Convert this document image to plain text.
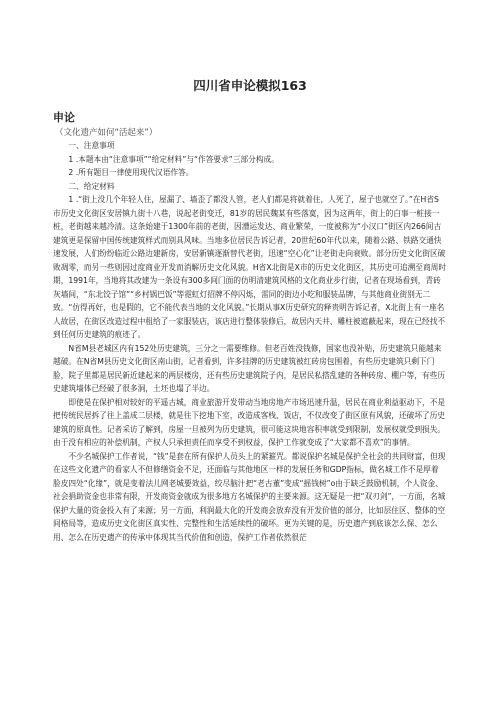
四川省申论模拟163
申论
（文化遗产如何“活起来”）

一、注意事项

1 .本题本由“注意事项”“给定材料”与“作答要求”三部分构成。

2 .所有题目一律使用现代汉语作答。

二、给定材料

1 .“街上没几个年轻人住，屋漏了、墙歪了都没人管，老人们都是将就着住，人死了，屋子也就空了。”在H省S市历史文化街区安居镇九街十八巷，说起老街变迁，81岁的居民魏某有些落寞，因为这两年，街上的白事一桩接一桩，老街越来越冷清。这条始建于1300年前的老街，因漕运发达、商业繁荣，一度被称为“小汉口”街区内266间古建筑更是保留中国传统建筑样式而别具风味。当地多位居民告诉记者，20世纪60年代以来，随着公路、铁路交通快速发展，人们纷纷临近公路边建新房，安居新镇逐渐替代老街，迅速“空心化”让老街走向衰败。部分历史文化街区破败凋零，而另一些则因过度商业开发而消解历史文化风貌。H省X北街是X市的历史文化街区，其历史可追溯至商周时期，1991年，当地将其改建为一条设有300多间门面的仿明清建筑风格的文化商业步行街，记者在现场看到，青砖灰墙间，“东北饺子馆”“乡村锅巴饭”等霓虹灯招牌不停闪烁，雷同的街边小吃和服装品牌，与其他商业街别无二致。“仿得再好，也是假的，它不能代表当地的文化风貌。”长期从事X历史研究的释贵明告诉记者，X北街上有一座名人故居，在街区改造过程中租给了一家服装店，该店进行整体装修后，故居内天井、雕柱被遮蔽起来，现在已经找不到任何历史建筑的痕迹了。

N省M县老城区内有152处历史建筑，三分之一需要维修。但老百姓没钱修，国家也没补贴，历史建筑只能越来越破。在N省M县历史文化街区南山街，记者看到，许多挂牌的历史建筑被红砖房包围着，有些历史建筑只剩下门脸，院子里都是居民新近建起来的两层楼房，还有些历史建筑院子内，是居民私搭乱建的各种砖房、棚户等，有些历史建筑墙体已经破了很多洞，土坯也塌了半边。

即使是在保护相对较好的平遥古城，商业旅游开发带动当地房地产市场迅速升温，居民在商业利益驱动下，不是把传统民居拆了往上盖成二层楼，就是往下挖地下室，改造成客栈、饭店，不仅改变了街区原有风貌，还破坏了历史建筑的原真性。记者采访了解到，房屋一旦被列为历史建筑，很可能这块地容积率就受到限制，发展权就受到损失。由于没有相应的补偿机制，产权人只承担责任而享受不到权益，保护工作就变成了“大家都不喜欢”的事情。

不少名城保护工作者说，“钱”是套在所有保护人员头上的紧箍咒。都说保护名城是保护全社会的共同财富，但现在这些文化遗产的看家人不但修缮资金不足，还面临与其他地区一样的发展任务和GDP指标，做名城工作不是厚着脸皮四处“化缘”，就是变着法儿网老城要效益，绞尽脑汁把“老古董”变成“摇钱树”o由于缺乏鼓励机制，个人资金、社会捐助资金也非常有限，开发商资金就成为很多地方名城保护的主要来源。这无疑是一把“双刃剑”，一方面，名城保护大量的资金投入有了来源；另一方面，利润最大化的开发商会放弃没有开发价值的部分，比如层住区、整体的空间格局等，造成历史文化街区真实性、完整性和生活延续性的破坏。更为关键的是，历史遗产到底该怎么保、怎么用、怎么在历史遗产的传承中体现其当代价值和创造，保护工作者依然很茫
